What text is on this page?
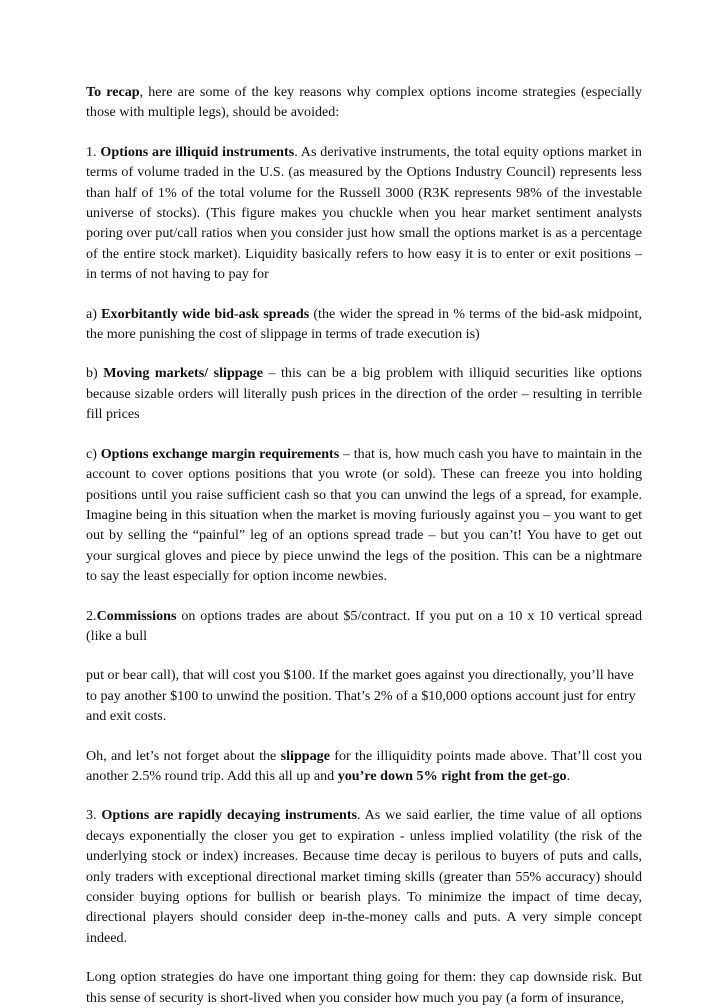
To recap, here are some of the key reasons why complex options income strategies (especially those with multiple legs), should be avoided:

1. Options are illiquid instruments. As derivative instruments, the total equity options market in terms of volume traded in the U.S. (as measured by the Options Industry Council) represents less than half of 1% of the total volume for the Russell 3000 (R3K represents 98% of the investable universe of stocks). (This figure makes you chuckle when you hear market sentiment analysts poring over put/call ratios when you consider just how small the options market is as a percentage of the entire stock market). Liquidity basically refers to how easy it is to enter or exit positions – in terms of not having to pay for

a) Exorbitantly wide bid-ask spreads (the wider the spread in % terms of the bid-ask midpoint, the more punishing the cost of slippage in terms of trade execution is)

b) Moving markets/ slippage – this can be a big problem with illiquid securities like options because sizable orders will literally push prices in the direction of the order – resulting in terrible fill prices

c) Options exchange margin requirements – that is, how much cash you have to maintain in the account to cover options positions that you wrote (or sold). These can freeze you into holding positions until you raise sufficient cash so that you can unwind the legs of a spread, for example. Imagine being in this situation when the market is moving furiously against you – you want to get out by selling the “painful” leg of an options spread trade – but you can’t! You have to get out your surgical gloves and piece by piece unwind the legs of the position. This can be a nightmare to say the least especially for option income newbies.

2.Commissions on options trades are about $5/contract. If you put on a 10 x 10 vertical spread (like a bull

put or bear call), that will cost you $100. If the market goes against you directionally, you’ll have to pay another $100 to unwind the position. That’s 2% of a $10,000 options account just for entry and exit costs.

Oh, and let’s not forget about the slippage for the illiquidity points made above. That’ll cost you another 2.5% round trip. Add this all up and you’re down 5% right from the get-go.

3. Options are rapidly decaying instruments. As we said earlier, the time value of all options decays exponentially the closer you get to expiration - unless implied volatility (the risk of the underlying stock or index) increases. Because time decay is perilous to buyers of puts and calls, only traders with exceptional directional market timing skills (greater than 55% accuracy) should consider buying options for bullish or bearish plays. To minimize the impact of time decay, directional players should consider deep in-the-money calls and puts. A very simple concept indeed.

Long option strategies do have one important thing going for them: they cap downside risk. But this sense of security is short-lived when you consider how much you pay (a form of insurance,
